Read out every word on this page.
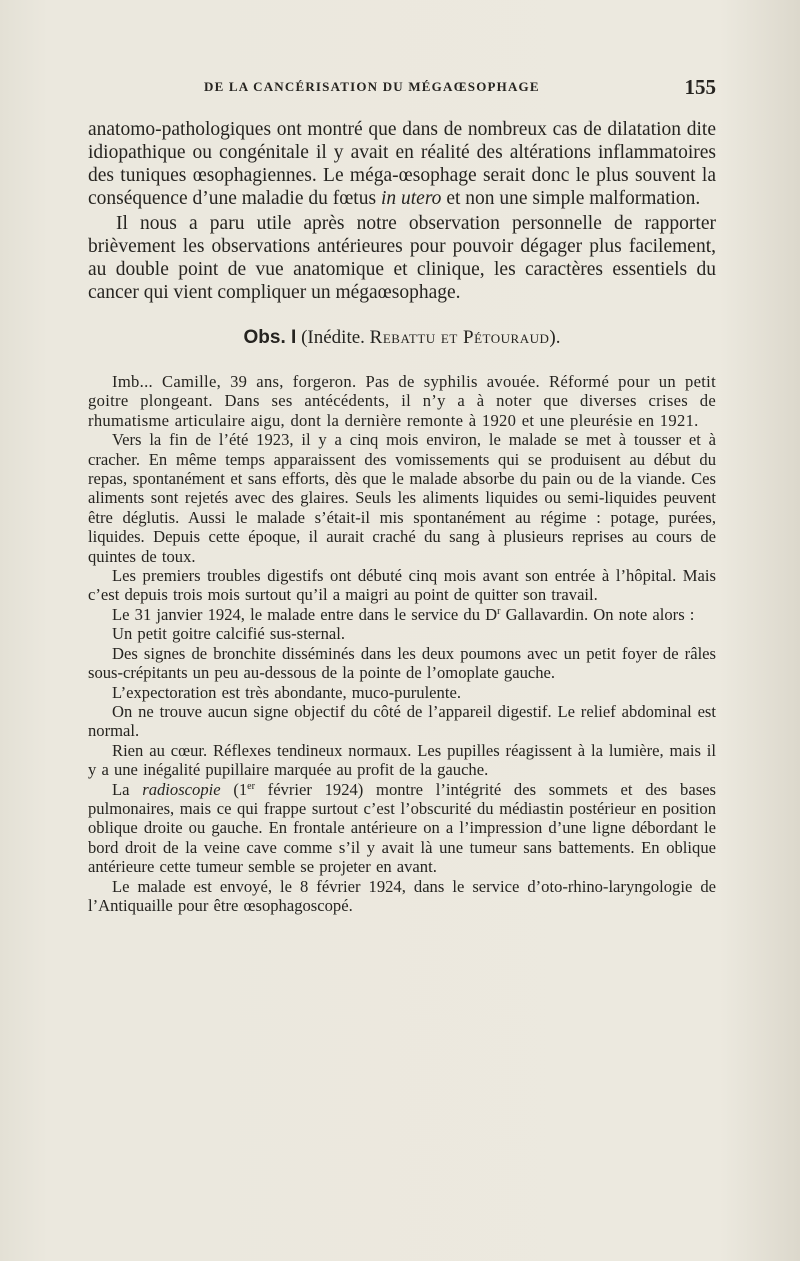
DE LA CANCÉRISATION DU MÉGAŒSOPHAGE	155

anatomo-pathologiques ont montré que dans de nombreux cas de dilatation dite idiopathique ou congénitale il y avait en réalité des altérations inflammatoires des tuniques œsophagiennes. Le méga-œsophage serait donc le plus souvent la conséquence d’une maladie du fœtus in utero et non une simple malformation.

Il nous a paru utile après notre observation personnelle de rapporter brièvement les observations antérieures pour pouvoir dégager plus facilement, au double point de vue anatomique et clinique, les caractères essentiels du cancer qui vient compliquer un mégaœsophage.

Obs. I (Inédite. Rebattu et Pétouraud).

Imb... Camille, 39 ans, forgeron. Pas de syphilis avouée. Réformé pour un petit goitre plongeant. Dans ses antécédents, il n’y a à noter que diverses crises de rhumatisme articulaire aigu, dont la dernière remonte à 1920 et une pleurésie en 1921.

Vers la fin de l’été 1923, il y a cinq mois environ, le malade se met à tousser et à cracher. En même temps apparaissent des vomissements qui se produisent au début du repas, spontanément et sans efforts, dès que le malade absorbe du pain ou de la viande. Ces aliments sont rejetés avec des glaires. Seuls les aliments liquides ou semi-liquides peuvent être déglutis. Aussi le malade s’était-il mis spontanément au régime : potage, purées, liquides. Depuis cette époque, il aurait craché du sang à plusieurs reprises au cours de quintes de toux.

Les premiers troubles digestifs ont débuté cinq mois avant son entrée à l’hôpital. Mais c’est depuis trois mois surtout qu’il a maigri au point de quitter son travail.

Le 31 janvier 1924, le malade entre dans le service du $D^r$ Gallavardin. On note alors :

Un petit goitre calcifié sus-sternal.

Des signes de bronchite disséminés dans les deux poumons avec un petit foyer de râles sous-crépitants un peu au-dessous de la pointe de l’omoplate gauche.

L’expectoration est très abondante, muco-purulente.

On ne trouve aucun signe objectif du côté de l’appareil digestif. Le relief abdominal est normal.

Rien au cœur. Réflexes tendineux normaux. Les pupilles réagissent à la lumière, mais il y a une inégalité pupillaire marquée au profit de la gauche.

La radioscopie (1er février 1924) montre l’intégrité des sommets et des bases pulmonaires, mais ce qui frappe surtout c’est l’obscurité du médiastin postérieur en position oblique droite ou gauche. En frontale antérieure on a l’impression d’une ligne débordant le bord droit de la veine cave comme s’il y avait là une tumeur sans battements. En oblique antérieure cette tumeur semble se projeter en avant.

Le malade est envoyé, le 8 février 1924, dans le service d’oto-rhino-laryngologie de l’Antiquaille pour être œsophagoscopé.
